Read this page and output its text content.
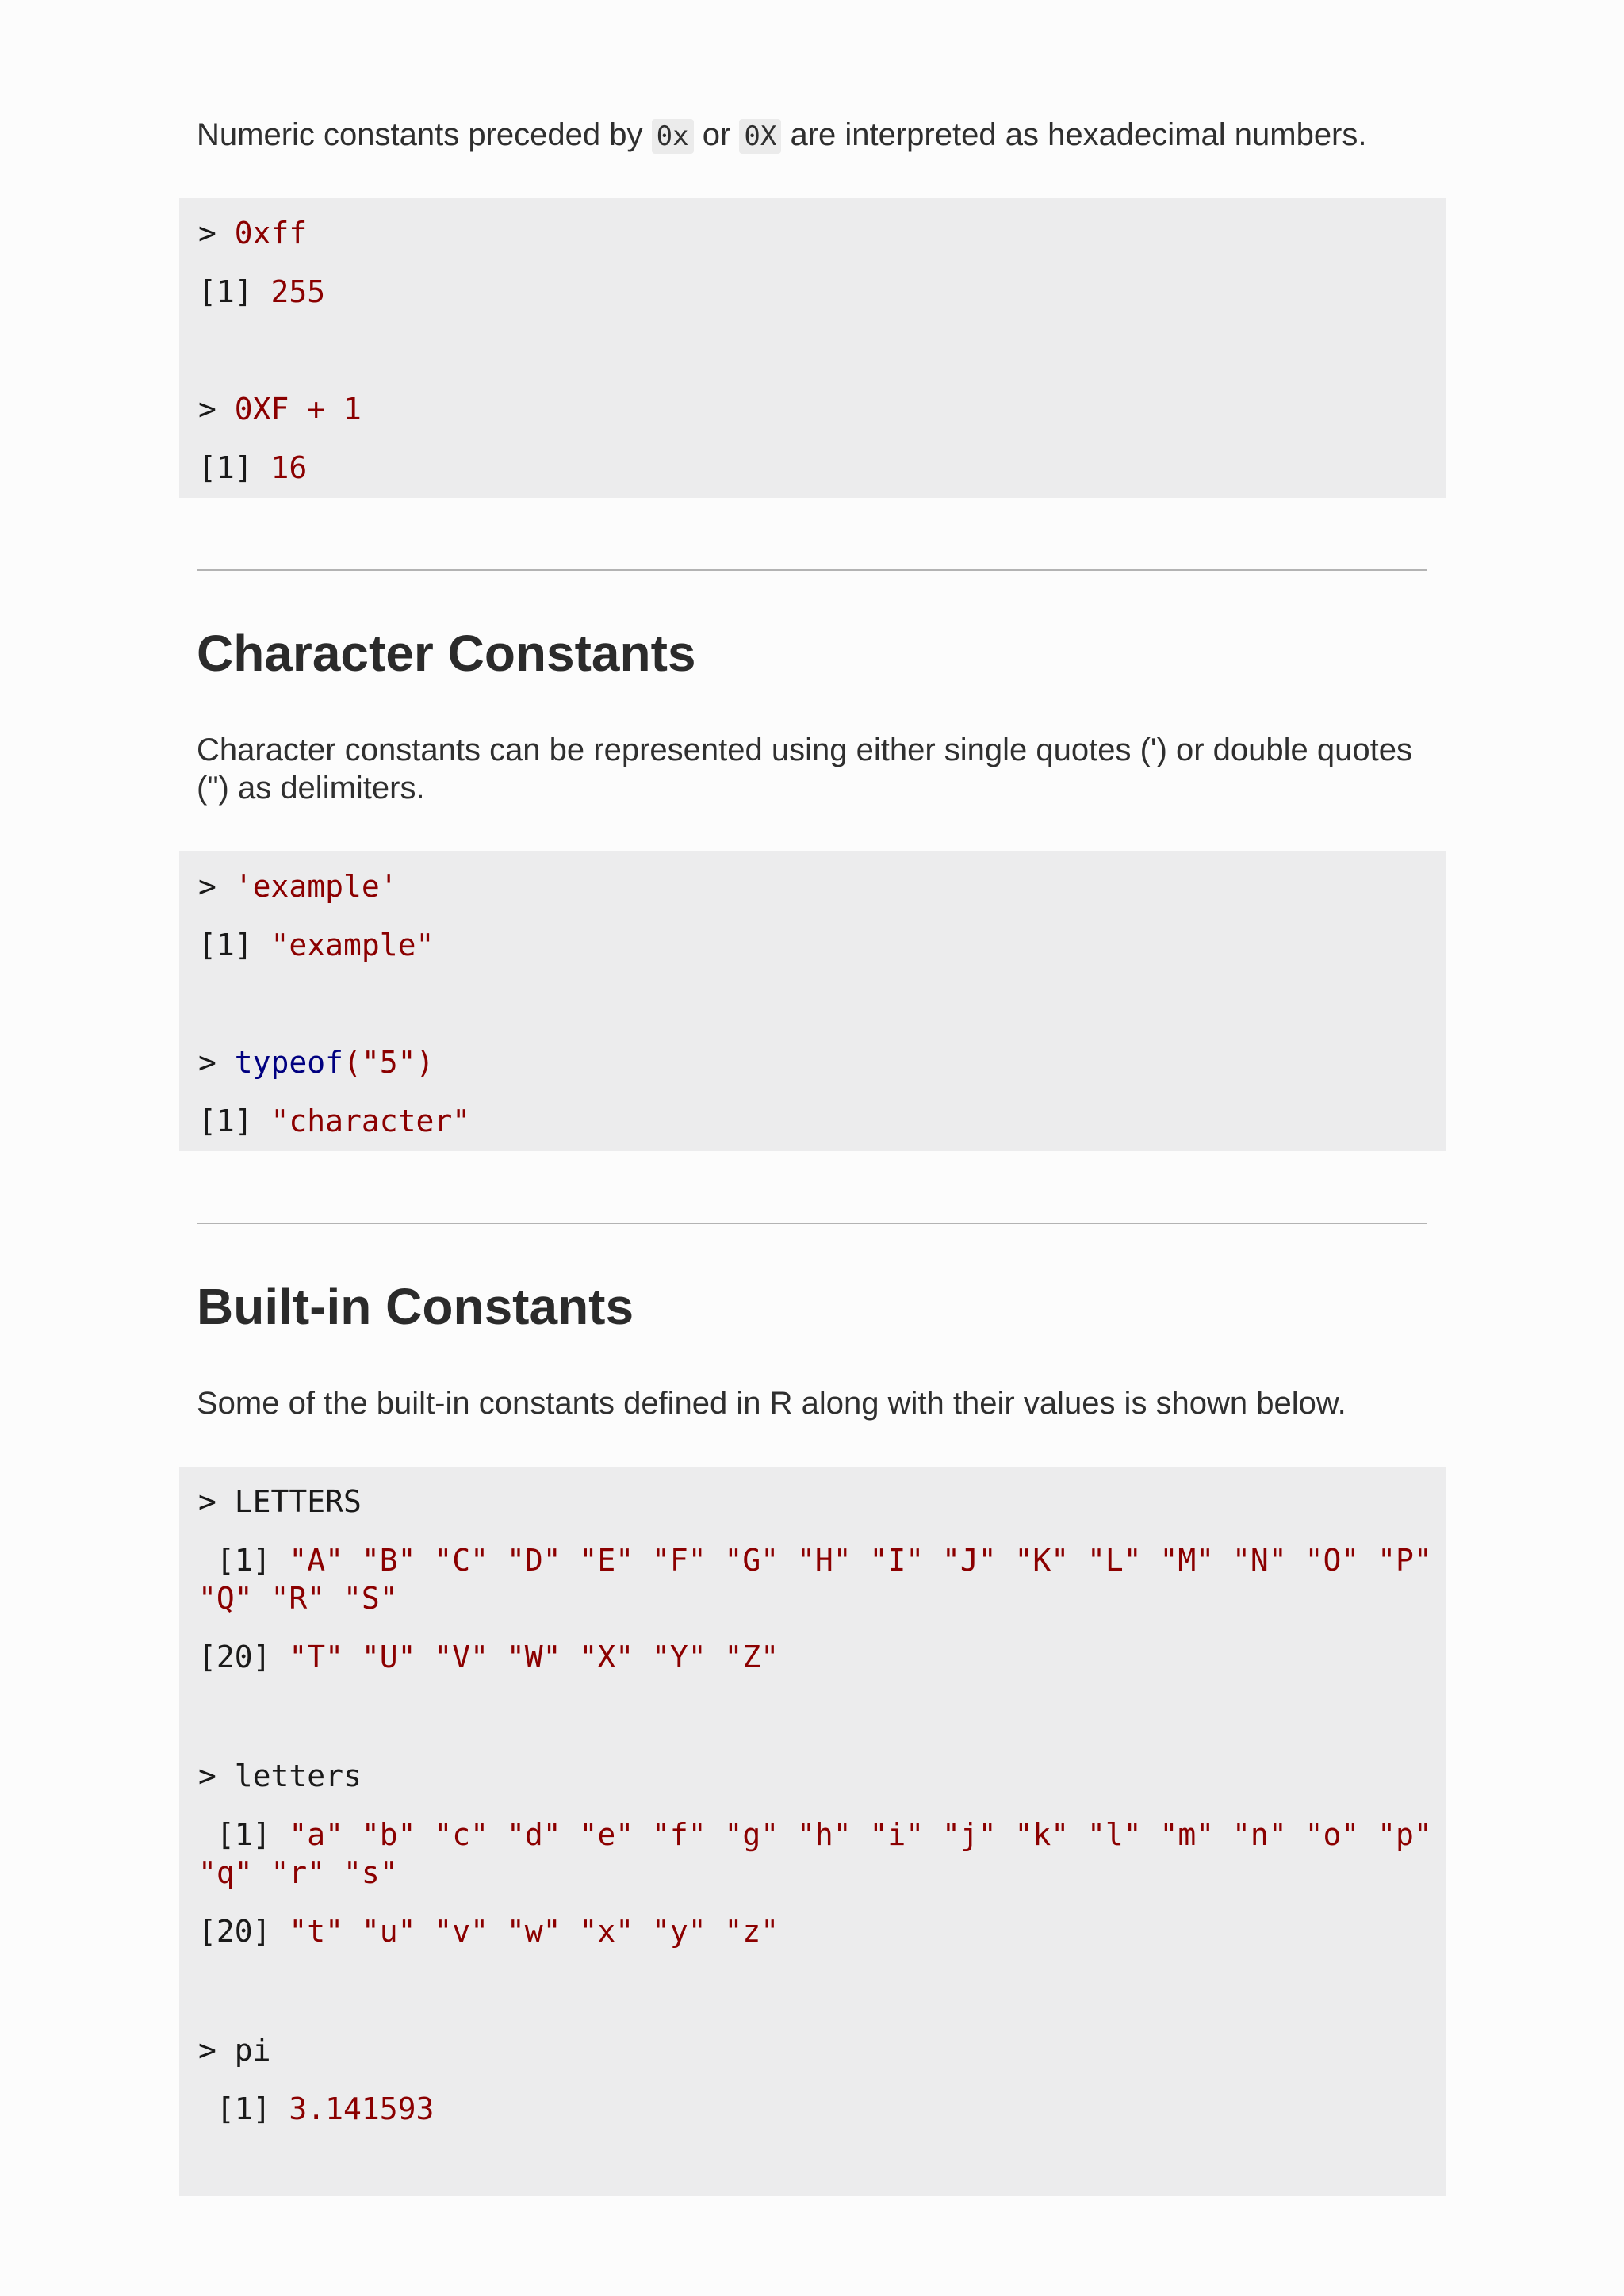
Numeric constants preceded by 0x or 0X are interpreted as hexadecimal numbers.

> 0xff
[1] 255
> 0XF + 1
[1] 16
Character Constants

Character constants can be represented using either single quotes (') or double quotes (") as delimiters.

> 'example'
[1] "example"
> typeof("5")
[1] "character"
Built-in Constants

Some of the built-in constants defined in R along with their values is shown below.

> LETTERS
[1] "A" "B" "C" "D" "E" "F" "G" "H" "I" "J" "K" "L" "M" "N" "O" "P" "Q" "R" "S"
[20] "T" "U" "V" "W" "X" "Y" "Z"
> letters
[1] "a" "b" "c" "d" "e" "f" "g" "h" "i" "j" "k" "l" "m" "n" "o" "p" "q" "r" "s"
[20] "t" "u" "v" "w" "x" "y" "z"
> pi
[1] 3.141593
